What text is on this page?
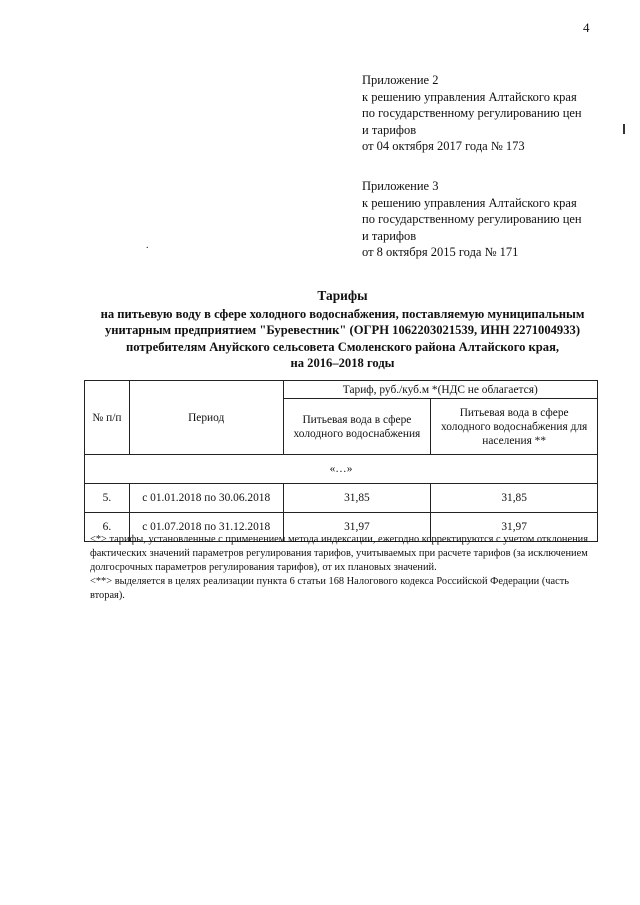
4
Приложение 2
к решению управления Алтайского края
по государственному регулированию цен
и тарифов
от 04 октября 2017 года № 173
Приложение 3
к решению управления Алтайского края
по государственному регулированию цен
и тарифов
от 8 октября 2015 года № 171
.
Тарифы
на питьевую воду в сфере холодного водоснабжения, поставляемую муниципальным
унитарным предприятием "Буревестник" (ОГРН 1062203021539, ИНН 2271004933)
потребителям Ануйского сельсовета Смоленского района Алтайского края,
на 2016–2018 годы
№ п/п	Период	Тариф, руб./куб.м *(НДС не облагается)	
		Питьевая вода в сфере холодного водоснабжения	Питьевая вода в сфере холодного водоснабжения для населения **
«…»			
5.	с 01.01.2018 по 30.06.2018	31,85	31,85
6.	с 01.07.2018 по 31.12.2018	31,97	31,97

<*> тарифы, установленные с применением метода индексации, ежегодно корректируются с учетом отклонения фактических значений параметров регулирования тарифов, учитываемых при расчете тарифов (за исключением долгосрочных параметров регулирования тарифов), от их плановых значений.

<**> выделяется в целях реализации пункта 6 статьи 168 Налогового кодекса Российской Федерации (часть вторая).
